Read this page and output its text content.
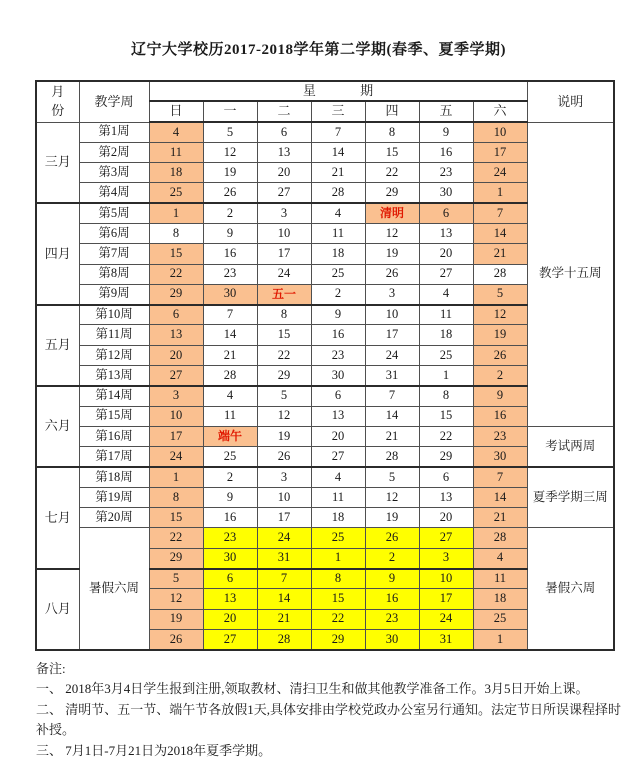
辽宁大学校历2017-2018学年第二学期(春季、夏季学期)
月份	教学周	星期							说明
		日	一	二	三	四	五	六	
三月	第1周	4	5	6	7	8	9	10	教学十五周
	第2周	11	12	13	14	15	16	17	
	第3周	18	19	20	21	22	23	24	
	第4周	25	26	27	28	29	30	1	
四月	第5周	1	2	3	4	清明	6	7	
	第6周	8	9	10	11	12	13	14	
	第7周	15	16	17	18	19	20	21	
	第8周	22	23	24	25	26	27	28	
	第9周	29	30	五一	2	3	4	5	
五月	第10周	6	7	8	9	10	11	12	
	第11周	13	14	15	16	17	18	19	
	第12周	20	21	22	23	24	25	26	
	第13周	27	28	29	30	31	1	2	
六月	第14周	3	4	5	6	7	8	9	
	第15周	10	11	12	13	14	15	16	
	第16周	17	端午	19	20	21	22	23	考试两周
	第17周	24	25	26	27	28	29	30	
七月	第18周	1	2	3	4	5	6	7	夏季学期三周
	第19周	8	9	10	11	12	13	14	
	第20周	15	16	17	18	19	20	21	
	暑假六周	22	23	24	25	26	27	28	暑假六周
		29	30	31	1	2	3	4	
八月		5	6	7	8	9	10	11	
		12	13	14	15	16	17	18	
		19	20	21	22	23	24	25	
		26	27	28	29	30	31	1	

备注:

一、 2018年3月4日学生报到注册,领取教材、清扫卫生和做其他教学准备工作。3月5日开始上课。

二、 清明节、五一节、端午节各放假1天,具体安排由学校党政办公室另行通知。法定节日所误课程择时补授。

三、 7月1日-7月21日为2018年夏季学期。
